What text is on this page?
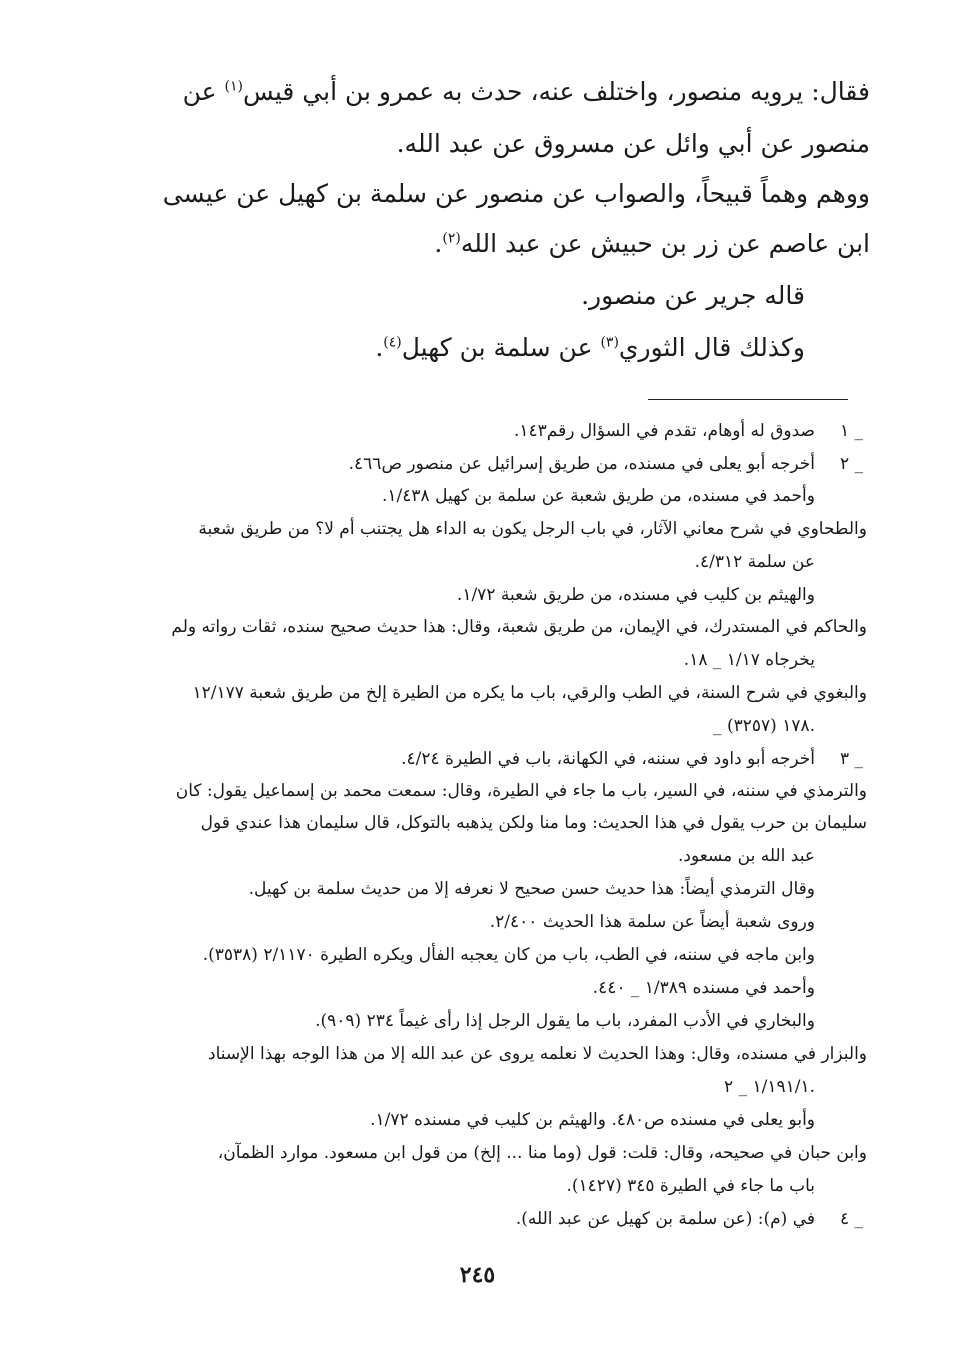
فقال: يرويه منصور، واختلف عنه، حدث به عمرو بن أبي قيس$^{(١)}$ عن
منصور عن أبي وائل عن مسروق عن عبد الله.
ووهم وهماً قبيحاً، والصواب عن منصور عن سلمة بن كهيل عن عيسى
ابن عاصم عن زر بن حبيش عن عبد الله$^{(٢)}$.
قاله جرير عن منصور.
وكذلك قال الثوري$^{(٣)}$ عن سلمة بن كهيل$^{(٤)}$.
١ _
صدوق له أوهام، تقدم في السؤال رقم١٤٣.
٢ _
أخرجه أبو يعلى في مسنده، من طريق إسرائيل عن منصور ص٤٦٦.
وأحمد في مسنده، من طريق شعبة عن سلمة بن كهيل ١/٤٣٨.
والطحاوي في شرح معاني الآثار، في باب الرجل يكون به الداء هل يجتنب أم لا؟ من طريق شعبة
عن سلمة ٤/٣١٢.
والهيثم بن كليب في مسنده، من طريق شعبة ١/٧٢.
والحاكم في المستدرك، في الإيمان، من طريق شعبة، وقال: هذا حديث صحيح سنده، ثقات رواته ولم
يخرجاه ١/١٧ _ ١٨.
والبغوي في شرح السنة، في الطب والرقي، باب ما يكره من الطيرة إلخ من طريق شعبة ١٢/١٧٧
_ ١٧٨ (٣٢٥٧).
٣ _
أخرجه أبو داود في سننه، في الكهانة، باب في الطيرة ٤/٢٤.
والترمذي في سننه، في السير، باب ما جاء في الطيرة، وقال: سمعت محمد بن إسماعيل يقول: كان
سليمان بن حرب يقول في هذا الحديث: وما منا ولكن يذهبه بالتوكل، قال سليمان هذا عندي قول
عبد الله بن مسعود.
وقال الترمذي أيضاً: هذا حديث حسن صحيح لا نعرفه إلا من حديث سلمة بن كهيل.
وروى شعبة أيضاً عن سلمة هذا الحديث ٢/٤٠٠.
وابن ماجه في سننه، في الطب، باب من كان يعجبه الفأل ويكره الطيرة ٢/١١٧٠ (٣٥٣٨).
وأحمد في مسنده ١/٣٨٩ _ ٤٤٠.
والبخاري في الأدب المفرد، باب ما يقول الرجل إذا رأى غيماً ٢٣٤ (٩٠٩).
والبزار في مسنده، وقال: وهذا الحديث لا نعلمه يروى عن عبد الله إلا من هذا الوجه بهذا الإسناد
١/١٩١/١ _ ٢.
وأبو يعلى في مسنده ص٤٨٠. والهيثم بن كليب في مسنده ١/٧٢.
وابن حبان في صحيحه، وقال: قلت: قول (وما منا ... إلخ) من قول ابن مسعود. موارد الظمآن،
باب ما جاء في الطيرة ٣٤٥ (١٤٢٧).
٤ _
في (م): (عن سلمة بن كهيل عن عبد الله).
٢٤٥
